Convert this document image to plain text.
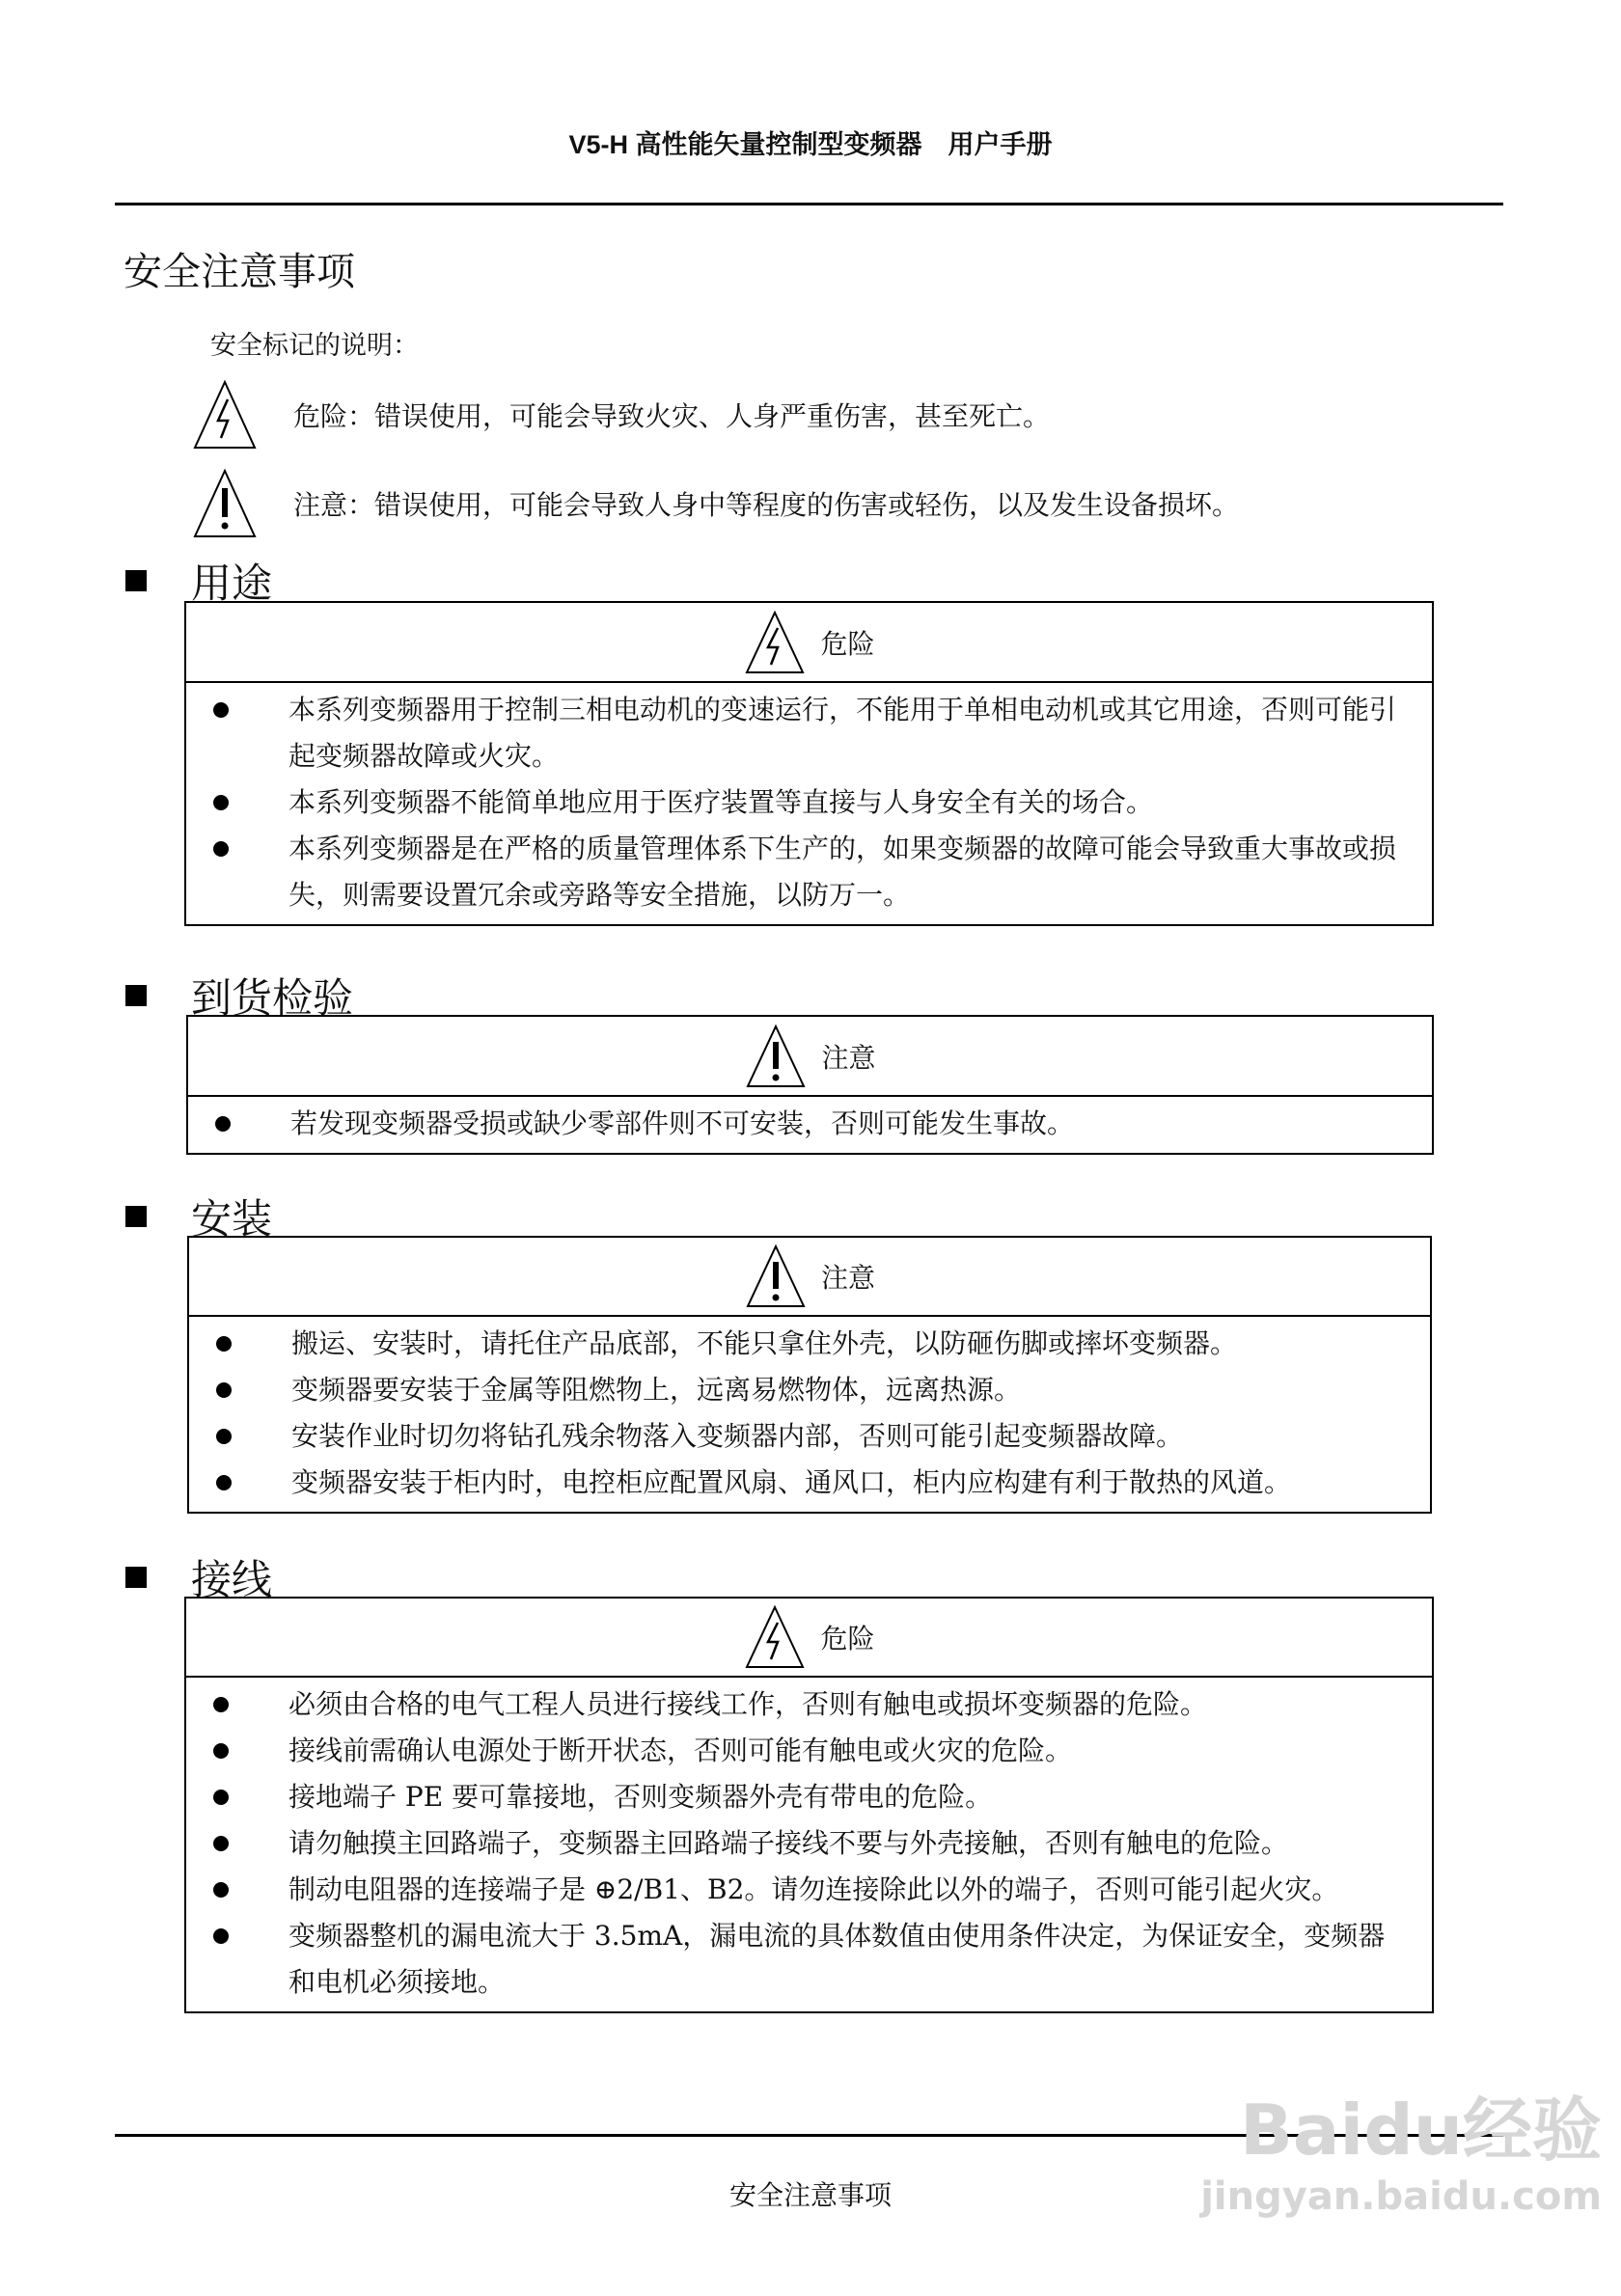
V5-H 高性能矢量控制型变频器　用户手册
安全注意事项
安全标记的说明：
危险：错误使用，可能会导致火灾、人身严重伤害，甚至死亡。
注意：错误使用，可能会导致人身中等程度的伤害或轻伤，以及发生设备损坏。
用途
危险
本系列变频器用于控制三相电动机的变速运行，不能用于单相电动机或其它用途，否则可能引起变频器故障或火灾。
本系列变频器不能简单地应用于医疗装置等直接与人身安全有关的场合。
本系列变频器是在严格的质量管理体系下生产的，如果变频器的故障可能会导致重大事故或损失，则需要设置冗余或旁路等安全措施，以防万一。
到货检验
注意
若发现变频器受损或缺少零部件则不可安装，否则可能发生事故。
安装
注意
搬运、安装时，请托住产品底部，不能只拿住外壳，以防砸伤脚或摔坏变频器。
变频器要安装于金属等阻燃物上，远离易燃物体，远离热源。
安装作业时切勿将钻孔残余物落入变频器内部，否则可能引起变频器故障。
变频器安装于柜内时，电控柜应配置风扇、通风口，柜内应构建有利于散热的风道。
接线
危险
必须由合格的电气工程人员进行接线工作，否则有触电或损坏变频器的危险。
接线前需确认电源处于断开状态，否则可能有触电或火灾的危险。
接地端子 PE 要可靠接地，否则变频器外壳有带电的危险。
请勿触摸主回路端子，变频器主回路端子接线不要与外壳接触，否则有触电的危险。
制动电阻器的连接端子是 ⊕2/B1、B2。请勿连接除此以外的端子，否则可能引起火灾。
变频器整机的漏电流大于 3.5mA，漏电流的具体数值由使用条件决定，为保证安全，变频器和电机必须接地。
安全注意事项
Baidu经验
jingyan.baidu.com
